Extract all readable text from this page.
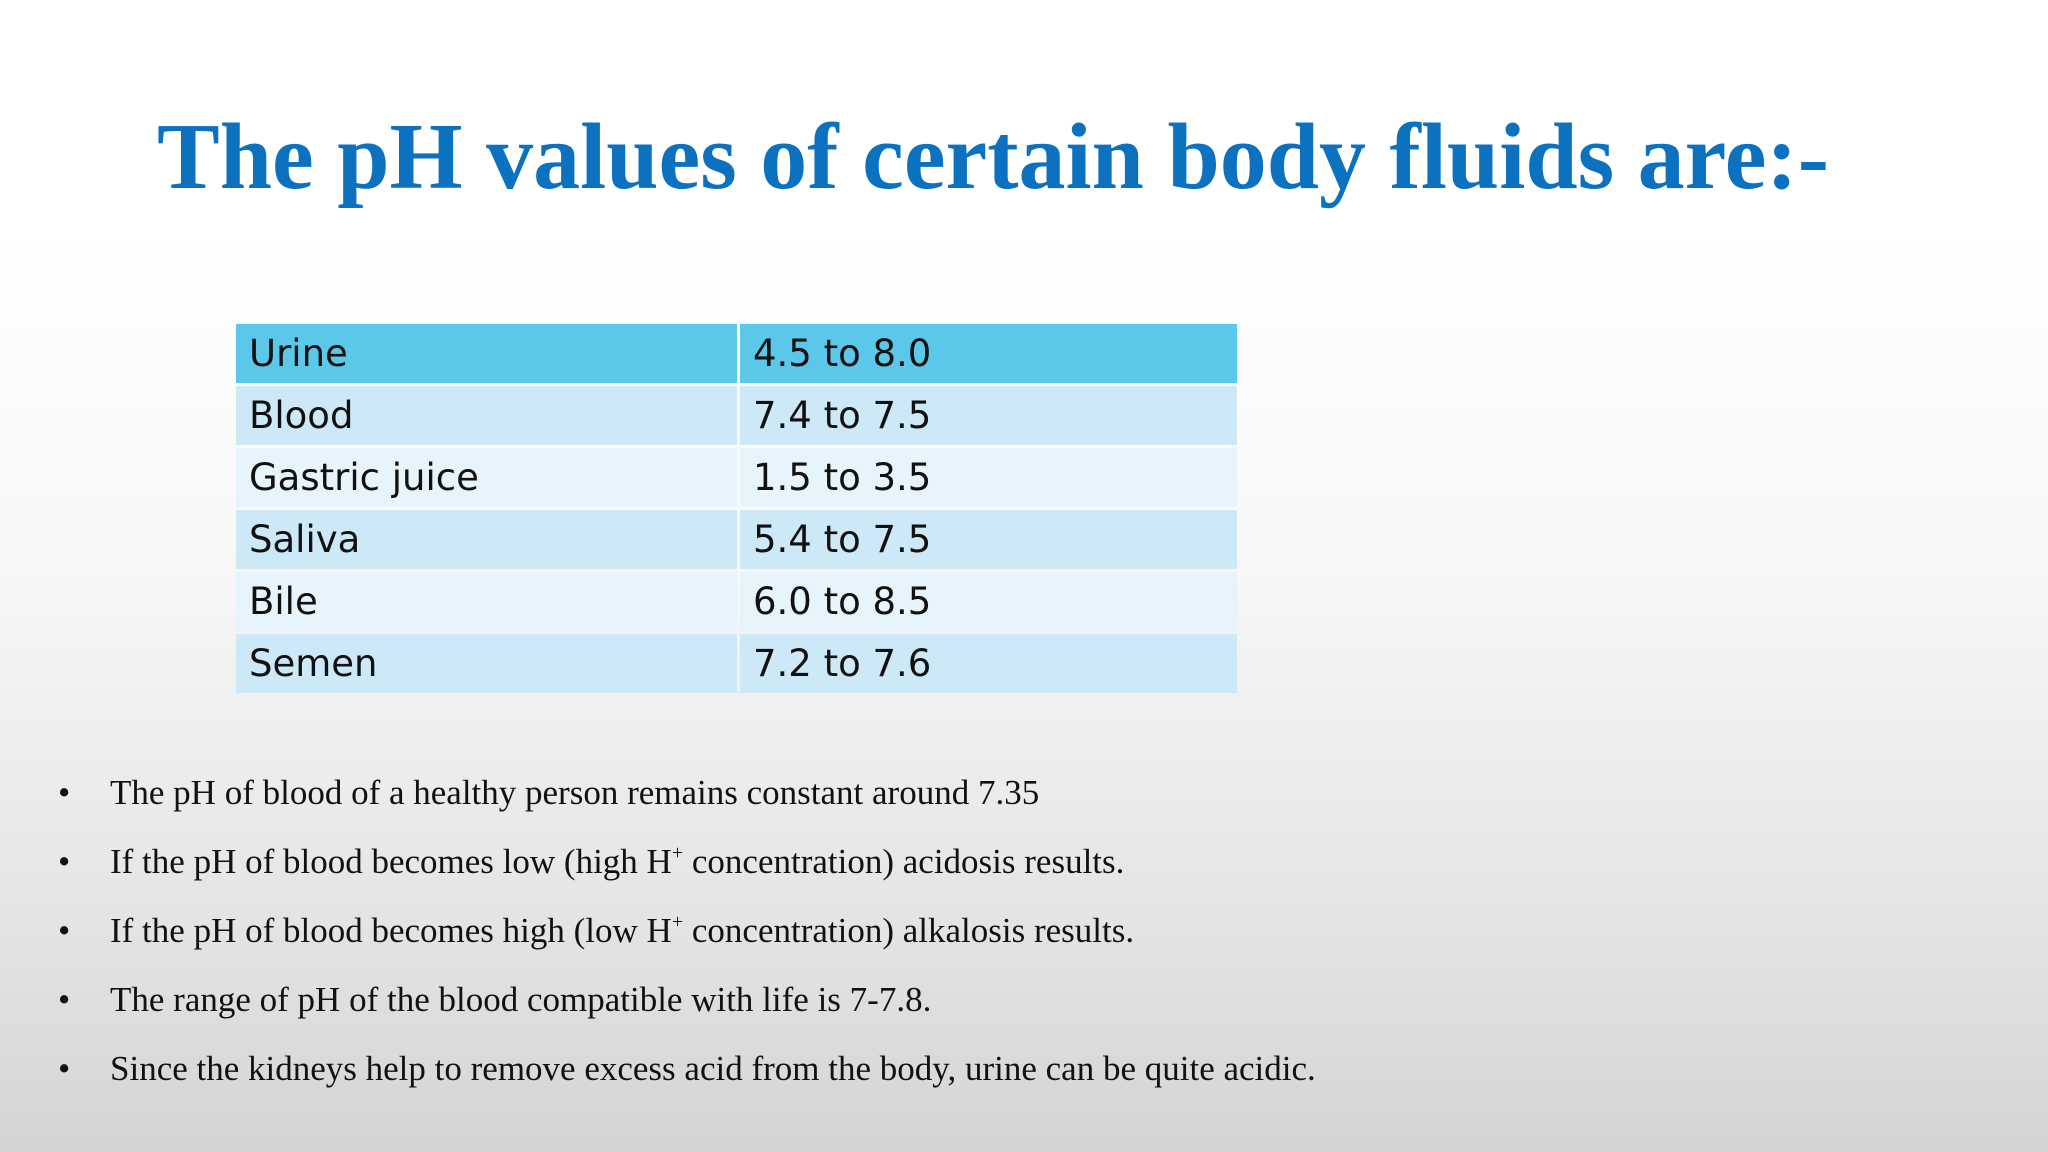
The pH values of certain body fluids are:-
Urine	4.5 to 8.0
Blood	7.4 to 7.5
Gastric juice	1.5 to 3.5
Saliva	5.4 to 7.5
Bile	6.0 to 8.5
Semen	7.2 to 7.6
• The pH of blood of a healthy person remains constant around 7.35
• If the pH of blood becomes low (high H+ concentration) acidosis results.
• If the pH of blood becomes high (low H+ concentration) alkalosis results.
• The range of pH of the blood compatible with life is 7-7.8.
• Since the kidneys help to remove excess acid from the body, urine can be quite acidic.
